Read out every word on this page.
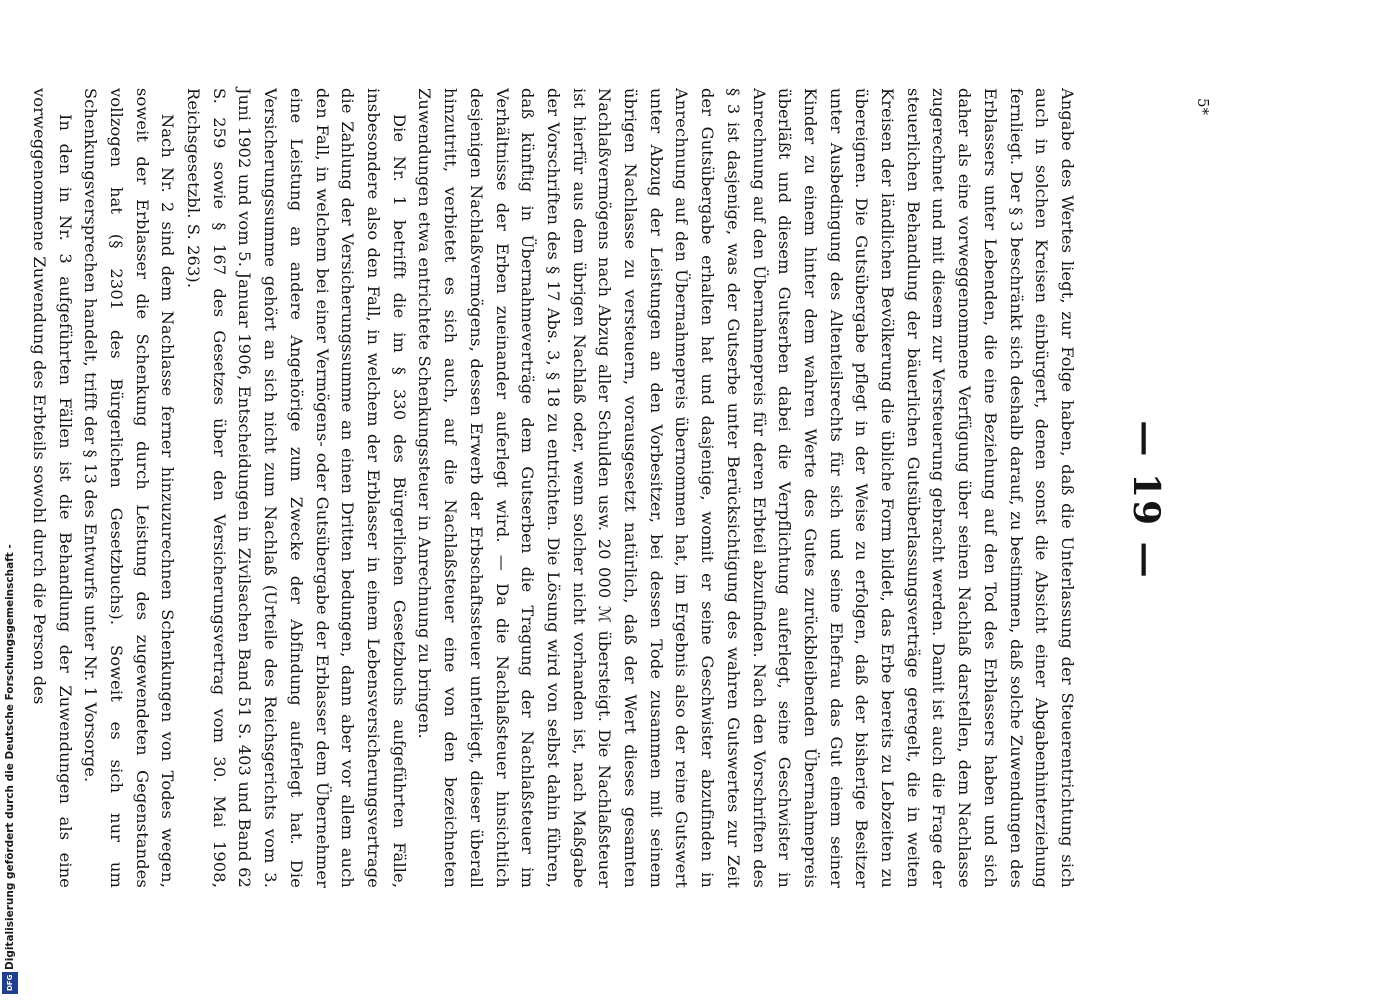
— 19 —

Angabe des Wertes liegt, zur Folge haben, daß die Unterlassung der Steuerentrichtung sich auch in solchen Kreisen einbürgert, denen sonst die Absicht einer Abgabenhinterziehung fernliegt. Der § 3 beschränkt sich deshalb darauf, zu bestimmen, daß solche Zuwendungen des Erblassers unter Lebenden, die eine Beziehung auf den Tod des Erblassers haben und sich daher als eine vorweggenommene Verfügung über seinen Nachlaß darstellen, dem Nachlasse zugerechnet und mit diesem zur Versteuerung gebracht werden. Damit ist auch die Frage der steuerlichen Behandlung der bäuerlichen Gutsüberlassungsverträge geregelt, die in weiten Kreisen der ländlichen Bevölkerung die übliche Form bildet, das Erbe bereits zu Lebzeiten zu übereignen. Die Gutsübergabe pflegt in der Weise zu erfolgen, daß der bisherige Besitzer unter Ausbedingung des Altenteilsrechts für sich und seine Ehefrau das Gut einem seiner Kinder zu einem hinter dem wahren Werte des Gutes zurückbleibenden Übernahmepreis überläßt und diesem Gutserben dabei die Verpflichtung auferlegt, seine Geschwister in Anrechnung auf den Übernahmepreis für deren Erbteil abzufinden. Nach den Vorschriften des § 3 ist dasjenige, was der Gutserbe unter Berücksichtigung des wahren Gutswertes zur Zeit der Gutsübergabe erhalten hat und dasjenige, womit er seine Geschwister abzufinden in Anrechnung auf den Übernahmepreis übernommen hat, im Ergebnis also der reine Gutswert unter Abzug der Leistungen an den Vorbesitzer, bei dessen Tode zusammen mit seinem übrigen Nachlasse zu versteuern, vorausgesetzt natürlich, daß der Wert dieses gesamten Nachlaßvermögens nach Abzug aller Schulden usw. 20 000 ℳ übersteigt. Die Nachlaßsteuer ist hierfür aus dem übrigen Nachlaß oder, wenn solcher nicht vorhanden ist, nach Maßgabe der Vorschriften des § 17 Abs. 3, § 18 zu entrichten. Die Lösung wird von selbst dahin führen, daß künftig in Übernahmeverträge dem Gutserben die Tragung der Nachlaßsteuer im Verhältnisse der Erben zueinander auferlegt wird. — Da die Nachlaßsteuer hinsichtlich desjenigen Nachlaßvermögens, dessen Erwerb der Erbschaftssteuer unterliegt, dieser überall hinzutritt, verbietet es sich auch, auf die Nachlaßsteuer eine von den bezeichneten Zuwendungen etwa entrichtete Schenkungssteuer in Anrechnung zu bringen.

Die Nr. 1 betrifft die im § 330 des Bürgerlichen Gesetzbuchs aufgeführten Fälle, insbesondere also den Fall, in welchem der Erblasser in einem Lebensversicherungsvertrage die Zahlung der Versicherungssumme an einen Dritten bedungen, dann aber vor allem auch den Fall, in welchem bei einer Vermögens- oder Gutsübergabe der Erblasser dem Übernehmer eine Leistung an andere Angehörige zum Zwecke der Abfindung auferlegt hat. Die Versicherungssumme gehört an sich nicht zum Nachlaß (Urteile des Reichsgerichts vom 3. Juni 1902 und vom 5. Januar 1906, Entscheidungen in Zivilsachen Band 51 S. 403 und Band 62 S. 259 sowie § 167 des Gesetzes über den Versicherungsvertrag vom 30. Mai 1908, Reichsgesetzbl. S. 263).

Nach Nr. 2 sind dem Nachlasse ferner hinzuzurechnen Schenkungen von Todes wegen, soweit der Erblasser die Schenkung durch Leistung des zugewendeten Gegenstandes vollzogen hat (§ 2301 des Bürgerlichen Gesetzbuchs). Soweit es sich nur um Schenkungsversprechen handelt, trifft der § 13 des Entwurfs unter Nr. 1 Vorsorge.

In den in Nr. 3 aufgeführten Fällen ist die Behandlung der Zuwendungen als eine vorweggenommene Zuwendung des Erbteils sowohl durch die Person des	5*
Digitalisierung gefördert durch die Deutsche Forschungsgemeinschaft -
DFG
